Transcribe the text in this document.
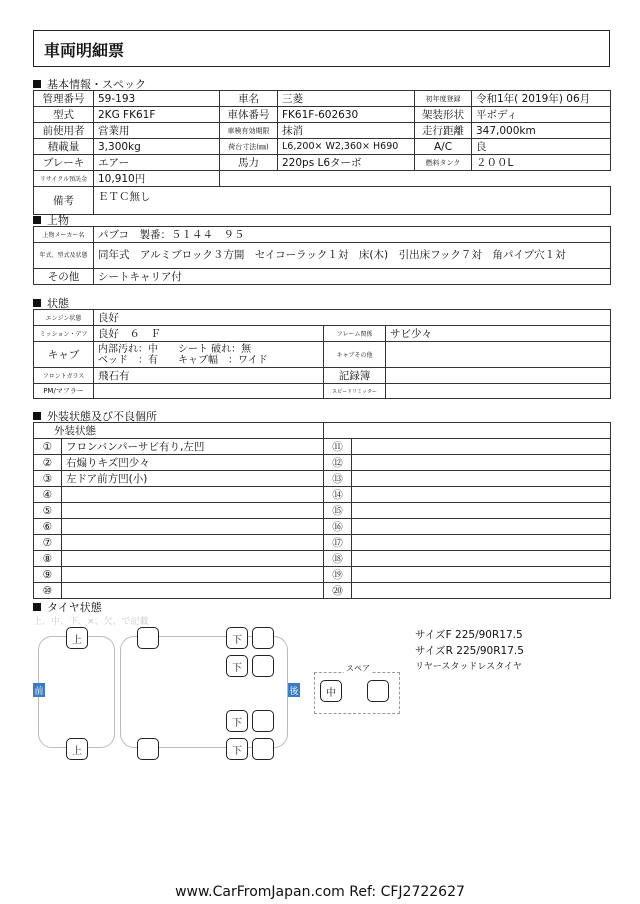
車両明細票
基本情報・スペック
管理番号	59-193	車名	三菱	初年度登録	令和1年( 2019年) 06月
型式	2KG FK61F	車体番号	FK61F-602630	架装形状	平ボディ
前使用者	営業用	車検有効期限	抹消	走行距離	347,000km
積載量	3,300kg	荷台寸法(㎜)	L6,200× W2,360× H690	A/C	良
ブレーキ	エアー	馬力	220ps L6ターボ	燃料タンク	２００L
リサイクル預託金	10,910円				
備考	ＥＴＣ無し				
上物
上物メーカー名	パブコ　製番：５１４４　９５
年式、型式及状態	同年式　アルミブロック３方開　セイコーラック１対　床(木)　引出床フック７対　角パイプ穴１対
その他	シートキャリア付
状態
エンジン状態	良好		
ミッション・デフ	良好　６　Ｆ	フレーム関係	サビ少々
キャブ	内部汚れ：中　　シート 破れ：無
ベッド　：有　　キャブ幅　：ワイド	キャブその他	
フロントガラス	飛石有	記録簿	
PM/マフラー		スピードリミッター	
外装状態及び不良個所
外装状態			
①	フロンバンパーサビ有り,左凹	⑪	
②	右煽りキズ凹少々	⑫	
③	左ドア前方凹(小)	⑬	
④		⑭	
⑤		⑮	
⑥		⑯	
⑦		⑰	
⑧		⑱	
⑨		⑲	
⑩		⑳	
タイヤ状態
上、中、下、×、欠、で記載
前	後
上
上
下
下
下
下
スペア
中
サイズF 225/90R17.5
サイズR 225/90R17.5
リヤースタッドレスタイヤ
www.CarFromJapan.com Ref: CFJ2722627
